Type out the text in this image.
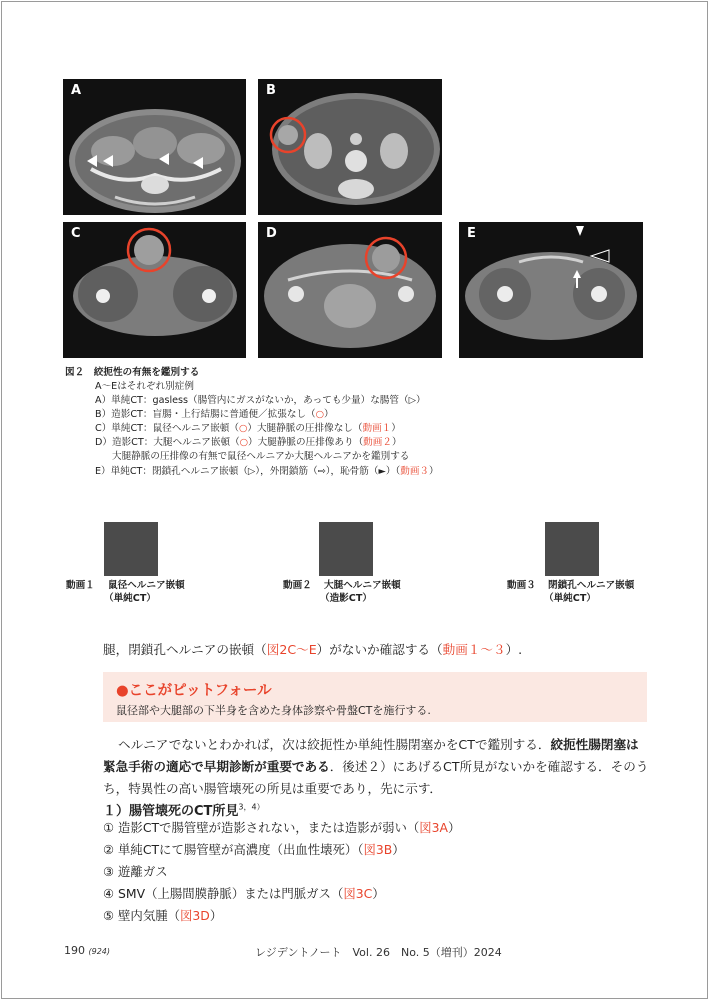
A	B
C	D	E
図２　 絞扼性の有無を鑑別する
A～Eはそれぞれ別症例
A）単純CT：gasless（腸管内にガスがないか，あっても少量）な腸管（▷）
B）造影CT：盲腸・上行結腸に普通便／拡張なし（○）
C）単純CT：鼠径ヘルニア嵌頓（○）大腿静脈の圧排像なし（動画１）
D）造影CT：大腿ヘルニア嵌頓（○）大腿静脈の圧排像あり（動画２）
大腿静脈の圧排像の有無で鼠径ヘルニアか大腿ヘルニアかを鑑別する
E）単純CT：閉鎖孔ヘルニア嵌頓（▷），外閉鎖筋（⇨），恥骨筋（►）（動画３）
動画１ 鼠径ヘルニア嵌頓
（単純CT）
動画２ 大腿ヘルニア嵌頓
（造影CT）
動画３ 閉鎖孔ヘルニア嵌頓
（単純CT）
腿，閉鎖孔ヘルニアの嵌頓（図2C～E）がないか確認する（動画１～３）.
●ここがピットフォール
鼠径部や大腿部の下半身を含めた身体診察や骨盤CTを施行する.
ヘルニアでないとわかれば，次は絞扼性か単純性腸閉塞かをCTで鑑別する．絞扼性腸閉塞は
緊急手術の適応で早期診断が重要である．後述２）にあげるCT所見がないかを確認する．そのう
ち，特異性の高い腸管壊死の所見は重要であり，先に示す．
１）腸管壊死のCT所見$^{3,4)}$
① 造影CTで腸管壁が造影されない，または造影が弱い（図3A）
② 単純CTにて腸管壁が高濃度（出血性壊死）（図3B）
③ 遊離ガス
④ SMV（上腸間膜静脈）または門脈ガス（図3C）
⑤ 壁内気腫（図3D）
190 (924)	レジデントノート　Vol. 26　No. 5（増刊）2024
